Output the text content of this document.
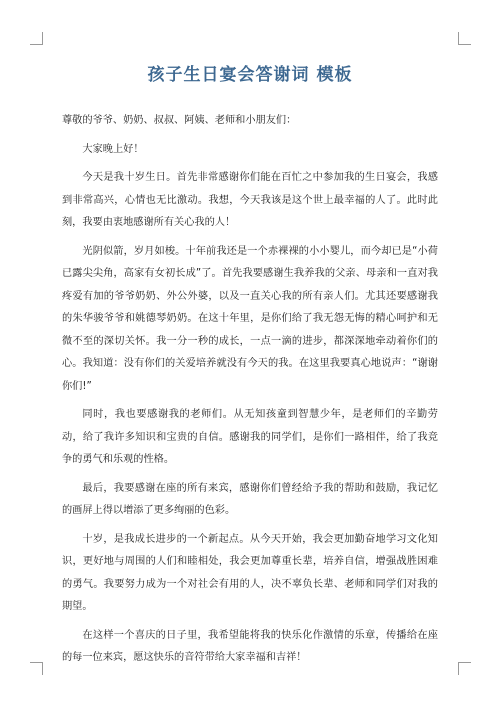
孩子生日宴会答谢词 模板

尊敬的爷爷、奶奶、叔叔、阿姨、老师和小朋友们：

大家晚上好！

今天是我十岁生日。首先非常感谢你们能在百忙之中参加我的生日宴会，我感到非常高兴，心情也无比激动。我想，今天我该是这个世上最幸福的人了。此时此刻，我要由衷地感谢所有关心我的人！

光阴似箭，岁月如梭。十年前我还是一个赤裸裸的小小婴儿，而今却已是“小荷已露尖尖角，高家有女初长成”了。首先我要感谢生我养我的父亲、母亲和一直对我疼爱有加的爷爷奶奶、外公外婆，以及一直关心我的所有亲人们。尤其还要感谢我的朱华骏爷爷和姚德琴奶奶。在这十年里，是你们给了我无怨无悔的精心呵护和无微不至的深切关怀。我一分一秒的成长，一点一滴的进步，都深深地牵动着你们的心。我知道：没有你们的关爱培养就没有今天的我。在这里我要真心地说声：“谢谢你们!”

同时，我也要感谢我的老师们。从无知孩童到智慧少年，是老师们的辛勤劳动，给了我许多知识和宝贵的自信。感谢我的同学们，是你们一路相伴，给了我竞争的勇气和乐观的性格。

最后，我要感谢在座的所有来宾，感谢你们曾经给予我的帮助和鼓励，我记忆的画屏上得以增添了更多绚丽的色彩。

十岁，是我成长进步的一个新起点。从今天开始，我会更加勤奋地学习文化知识，更好地与周围的人们和睦相处，我会更加尊重长辈，培养自信，增强战胜困难的勇气。我要努力成为一个对社会有用的人，决不辜负长辈、老师和同学们对我的期望。

在这样一个喜庆的日子里，我希望能将我的快乐化作激情的乐章，传播给在座的每一位来宾，愿这快乐的音符带给大家幸福和吉祥！
